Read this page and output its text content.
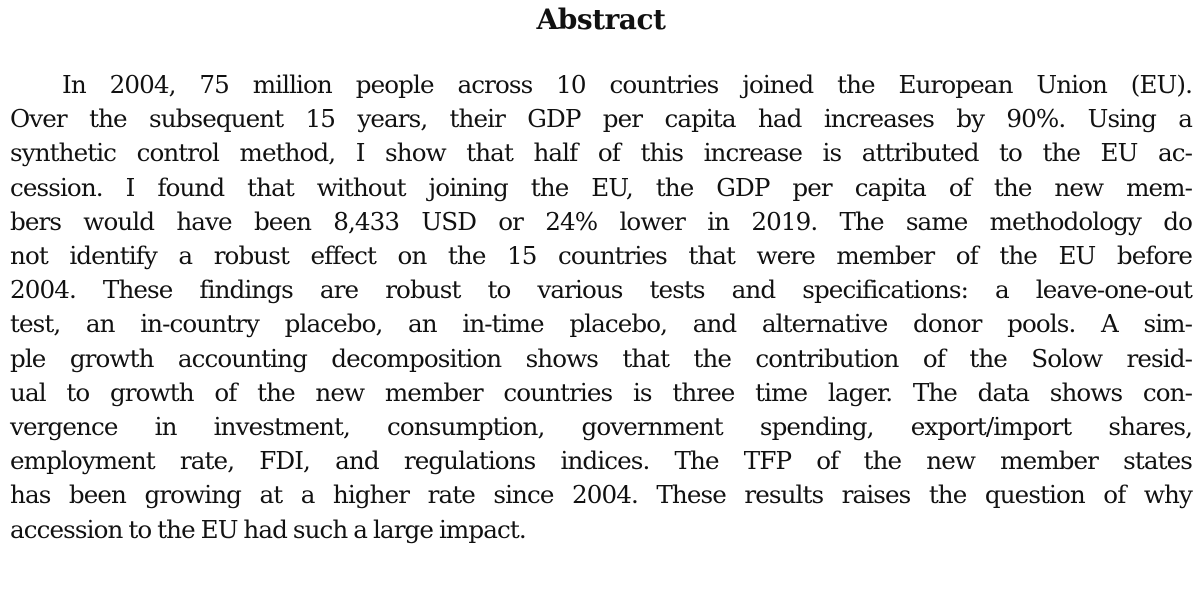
Abstract
In 2004, 75 million people across 10 countries joined the European Union (EU).
Over the subsequent 15 years, their GDP per capita had increases by 90%. Using a
synthetic control method, I show that half of this increase is attributed to the EU ac-
cession. I found that without joining the EU, the GDP per capita of the new mem-
bers would have been 8,433 USD or 24% lower in 2019. The same methodology do
not identify a robust effect on the 15 countries that were member of the EU before
2004. These findings are robust to various tests and specifications: a leave-one-out
test, an in-country placebo, an in-time placebo, and alternative donor pools. A sim-
ple growth accounting decomposition shows that the contribution of the Solow resid-
ual to growth of the new member countries is three time lager. The data shows con-
vergence in investment, consumption, government spending, export/import shares,
employment rate, FDI, and regulations indices. The TFP of the new member states
has been growing at a higher rate since 2004. These results raises the question of why
accession to the EU had such a large impact.
